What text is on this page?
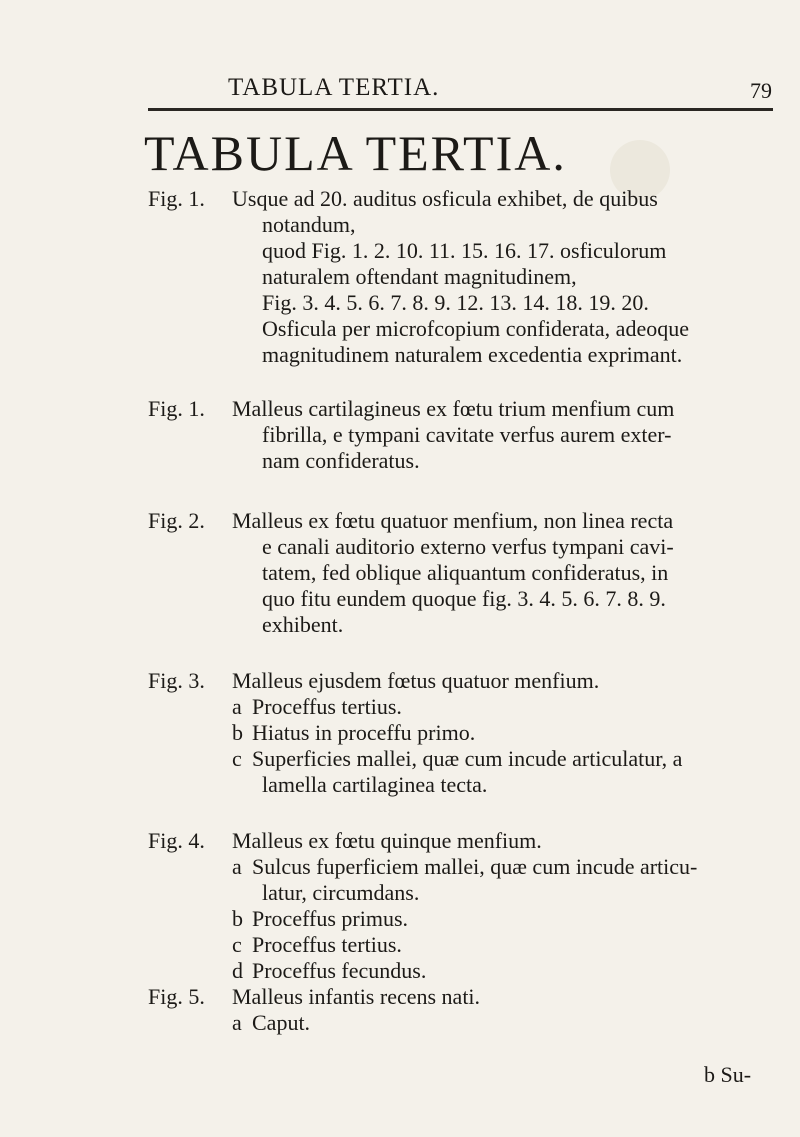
TABULA TERTIA.	79
TABULA TERTIA.
Fig. 1. Usque ad 20. auditus osficula exhibet, de quibus
notandum,
quod Fig. 1. 2. 10. 11. 15. 16. 17. osficulorum
naturalem oftendant magnitudinem,
Fig. 3. 4. 5. 6. 7. 8. 9. 12. 13. 14. 18. 19. 20.
Osficula per microfcopium confiderata, adeoque
magnitudinem naturalem excedentia exprimant.
Fig. 1. Malleus cartilagineus ex fœtu trium menfium cum
fibrilla, e tympani cavitate verfus aurem exter-
nam confideratus.
Fig. 2. Malleus ex fœtu quatuor menfium, non linea recta
e canali auditorio externo verfus tympani cavi-
tatem, fed oblique aliquantum confideratus, in
quo fitu eundem quoque fig. 3. 4. 5. 6. 7. 8. 9.
exhibent.
Fig. 3. Malleus ejusdem fœtus quatuor menfium.
a Proceffus tertius.
b Hiatus in proceffu primo.
c Superficies mallei, quæ cum incude articulatur, a
lamella cartilaginea tecta.
Fig. 4. Malleus ex fœtu quinque menfium.
a Sulcus fuperficiem mallei, quæ cum incude articu-
latur, circumdans.
b Proceffus primus.
c Proceffus tertius.
d Proceffus fecundus.
Fig. 5. Malleus infantis recens nati.
a Caput.
b Su-
